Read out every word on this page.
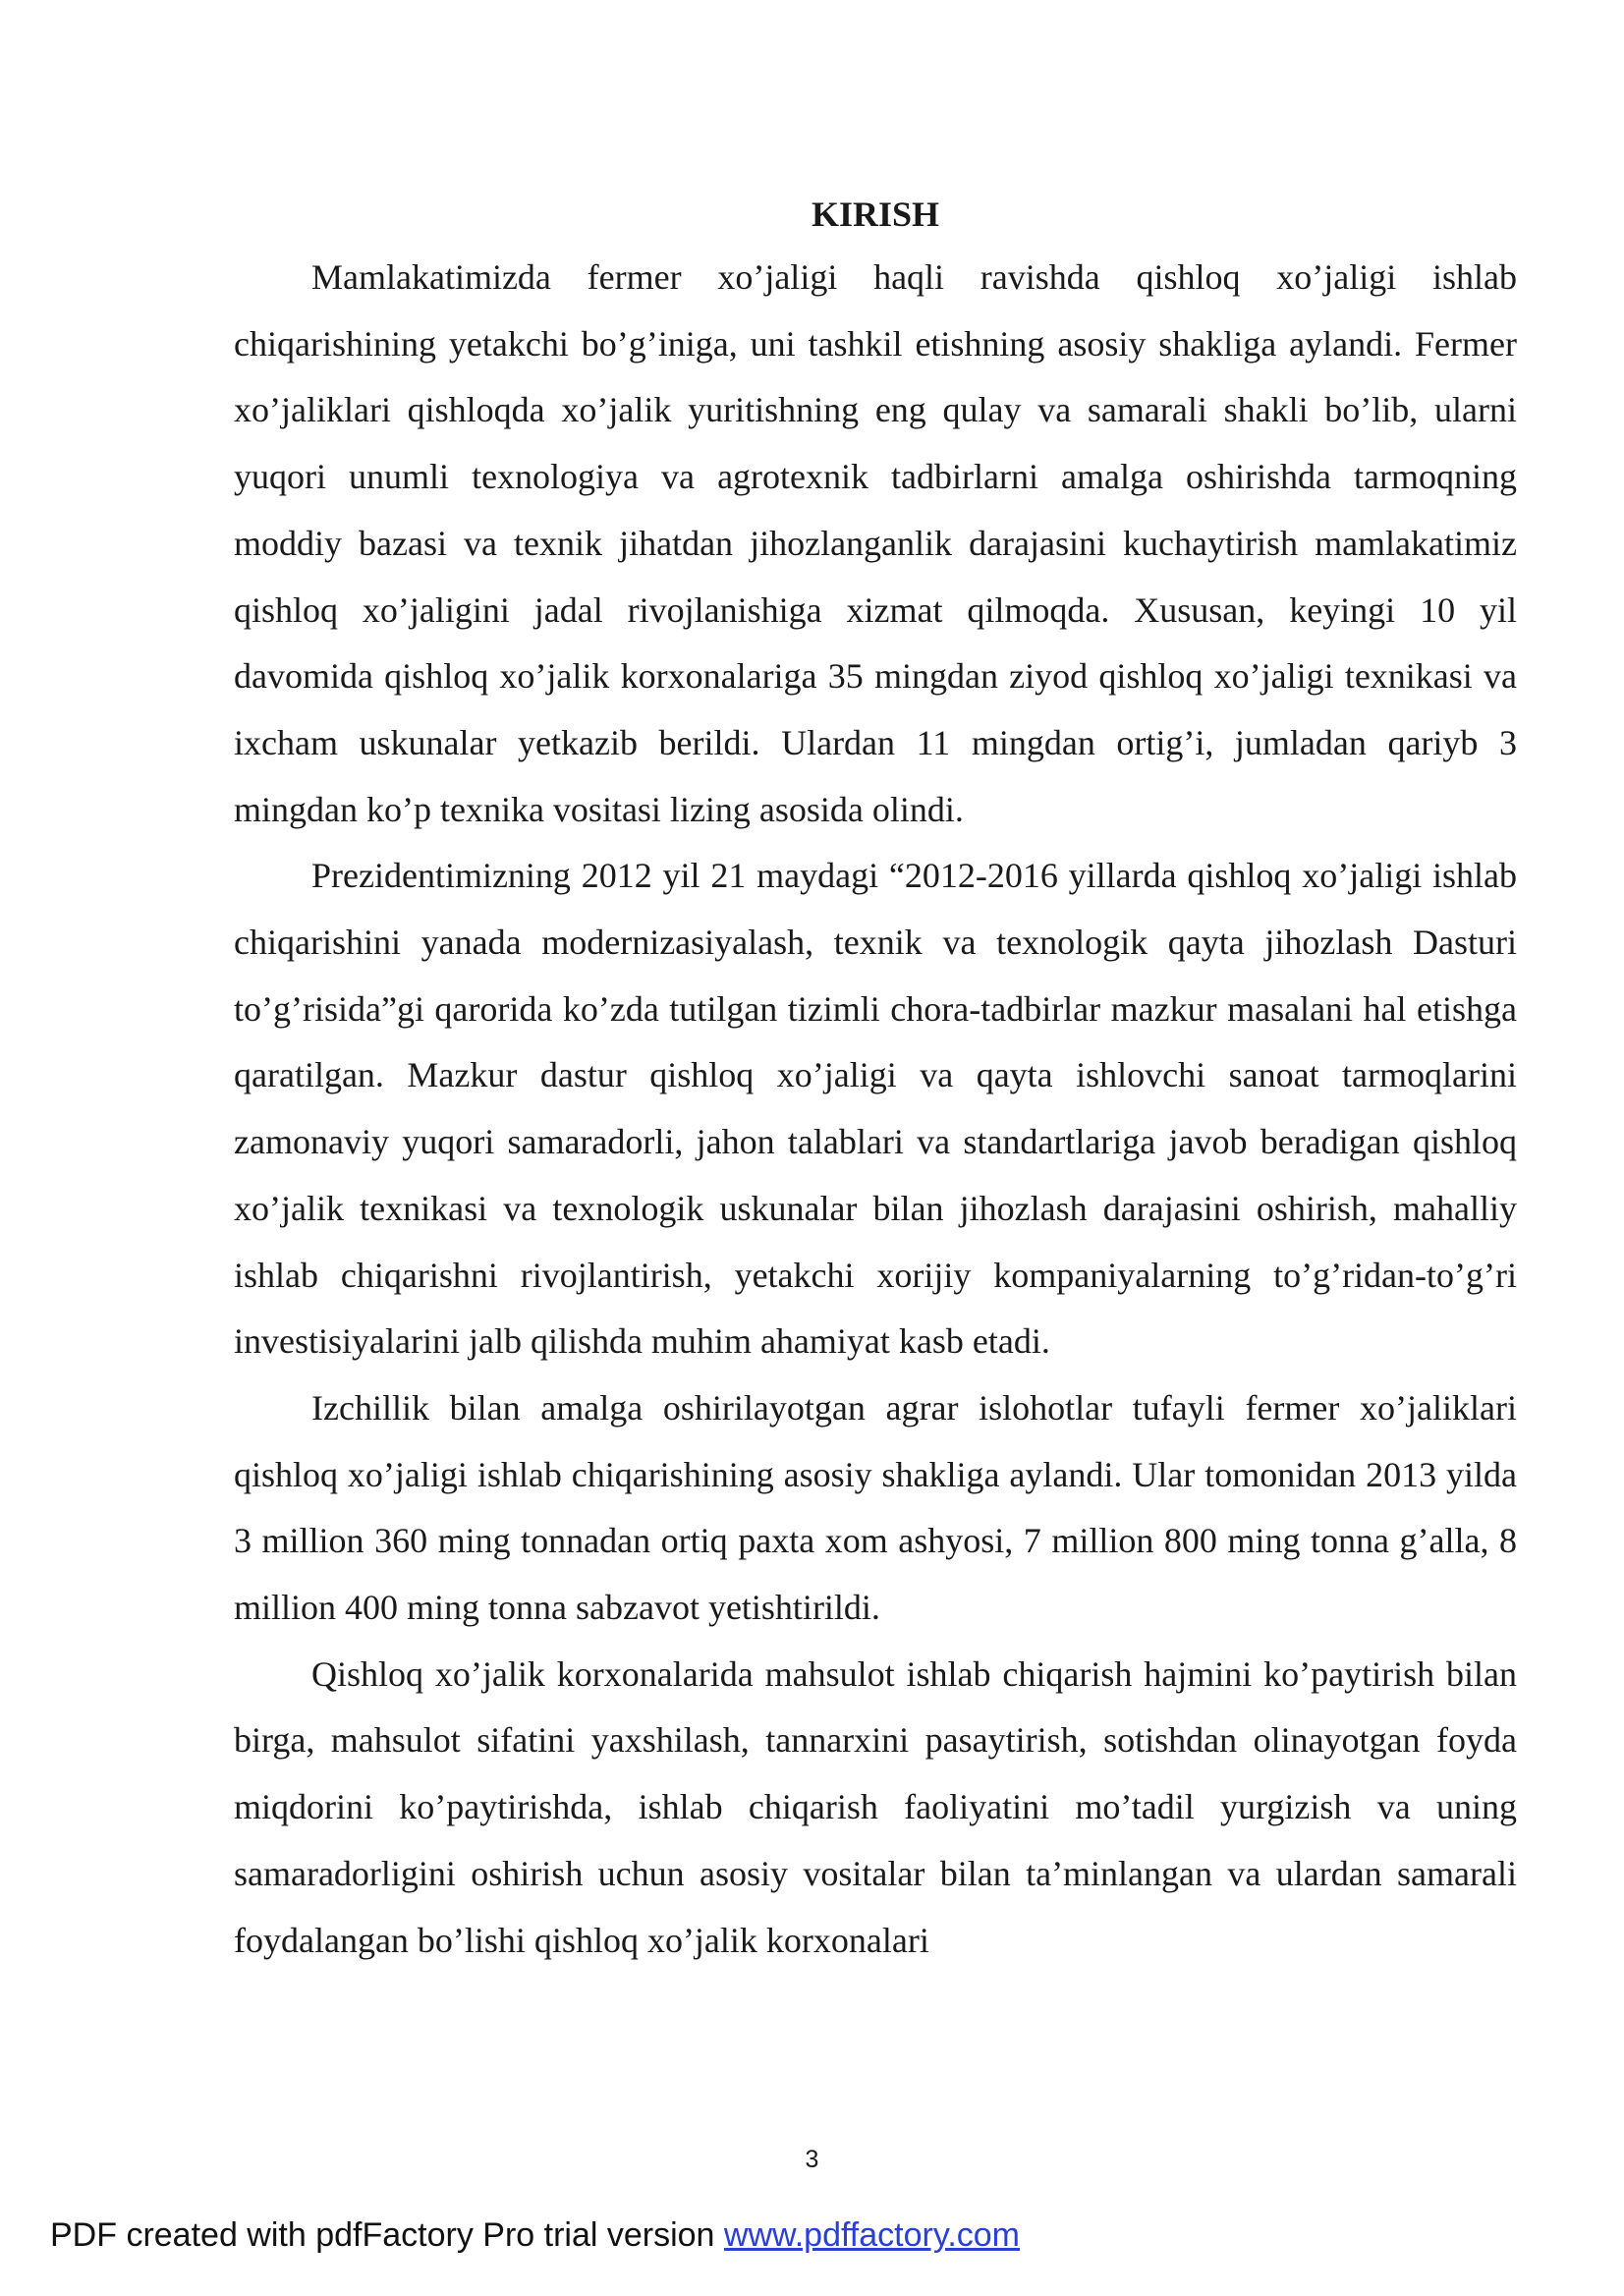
KIRISH

Mamlakatimizda fermer xo’jaligi haqli ravishda qishloq xo’jaligi ishlab chiqarishining yetakchi bo’g’iniga, uni tashkil etishning asosiy shakliga aylandi. Fermer xo’jaliklari qishloqda xo’jalik yuritishning eng qulay va samarali shakli bo’lib, ularni yuqori unumli texnologiya va agrotexnik tadbirlarni amalga oshirishda tarmoqning moddiy bazasi va texnik jihatdan jihozlanganlik darajasini kuchaytirish mamlakatimiz qishloq xo’jaligini jadal rivojlanishiga xizmat qilmoqda. Xususan, keyingi 10 yil davomida qishloq xo’jalik korxonalariga 35 mingdan ziyod qishloq xo’jaligi texnikasi va ixcham uskunalar yetkazib berildi. Ulardan 11 mingdan ortig’i, jumladan qariyb 3 mingdan ko’p texnika vositasi lizing asosida olindi.

Prezidentimizning 2012 yil 21 maydagi “2012-2016 yillarda qishloq xo’jaligi ishlab chiqarishini yanada modernizasiyalash, texnik va texnologik qayta jihozlash Dasturi to’g’risida”gi qarorida ko’zda tutilgan tizimli chora-tadbirlar mazkur masalani hal etishga qaratilgan. Mazkur dastur qishloq xo’jaligi va qayta ishlovchi sanoat tarmoqlarini zamonaviy yuqori samaradorli, jahon talablari va standartlariga javob beradigan qishloq xo’jalik texnikasi va texnologik uskunalar bilan jihozlash darajasini oshirish, mahalliy ishlab chiqarishni rivojlantirish, yetakchi xorijiy kompaniyalarning to’g’ridan-to’g’ri investisiyalarini jalb qilishda muhim ahamiyat kasb etadi.

Izchillik bilan amalga oshirilayotgan agrar islohotlar tufayli fermer xo’jaliklari qishloq xo’jaligi ishlab chiqarishining asosiy shakliga aylandi. Ular tomonidan 2013 yilda 3 million 360 ming tonnadan ortiq paxta xom ashyosi, 7 million 800 ming tonna g’alla, 8 million 400 ming tonna sabzavot yetishtirildi.

Qishloq xo’jalik korxonalarida mahsulot ishlab chiqarish hajmini ko’paytirish bilan birga, mahsulot sifatini yaxshilash, tannarxini pasaytirish, sotishdan olinayotgan foyda miqdorini ko’paytirishda, ishlab chiqarish faoliyatini mo’tadil yurgizish va uning samaradorligini oshirish uchun asosiy vositalar bilan ta’minlangan va ulardan samarali foydalangan bo’lishi qishloq xo’jalik korxonalari

3
PDF created with pdfFactory Pro trial version www.pdffactory.com
